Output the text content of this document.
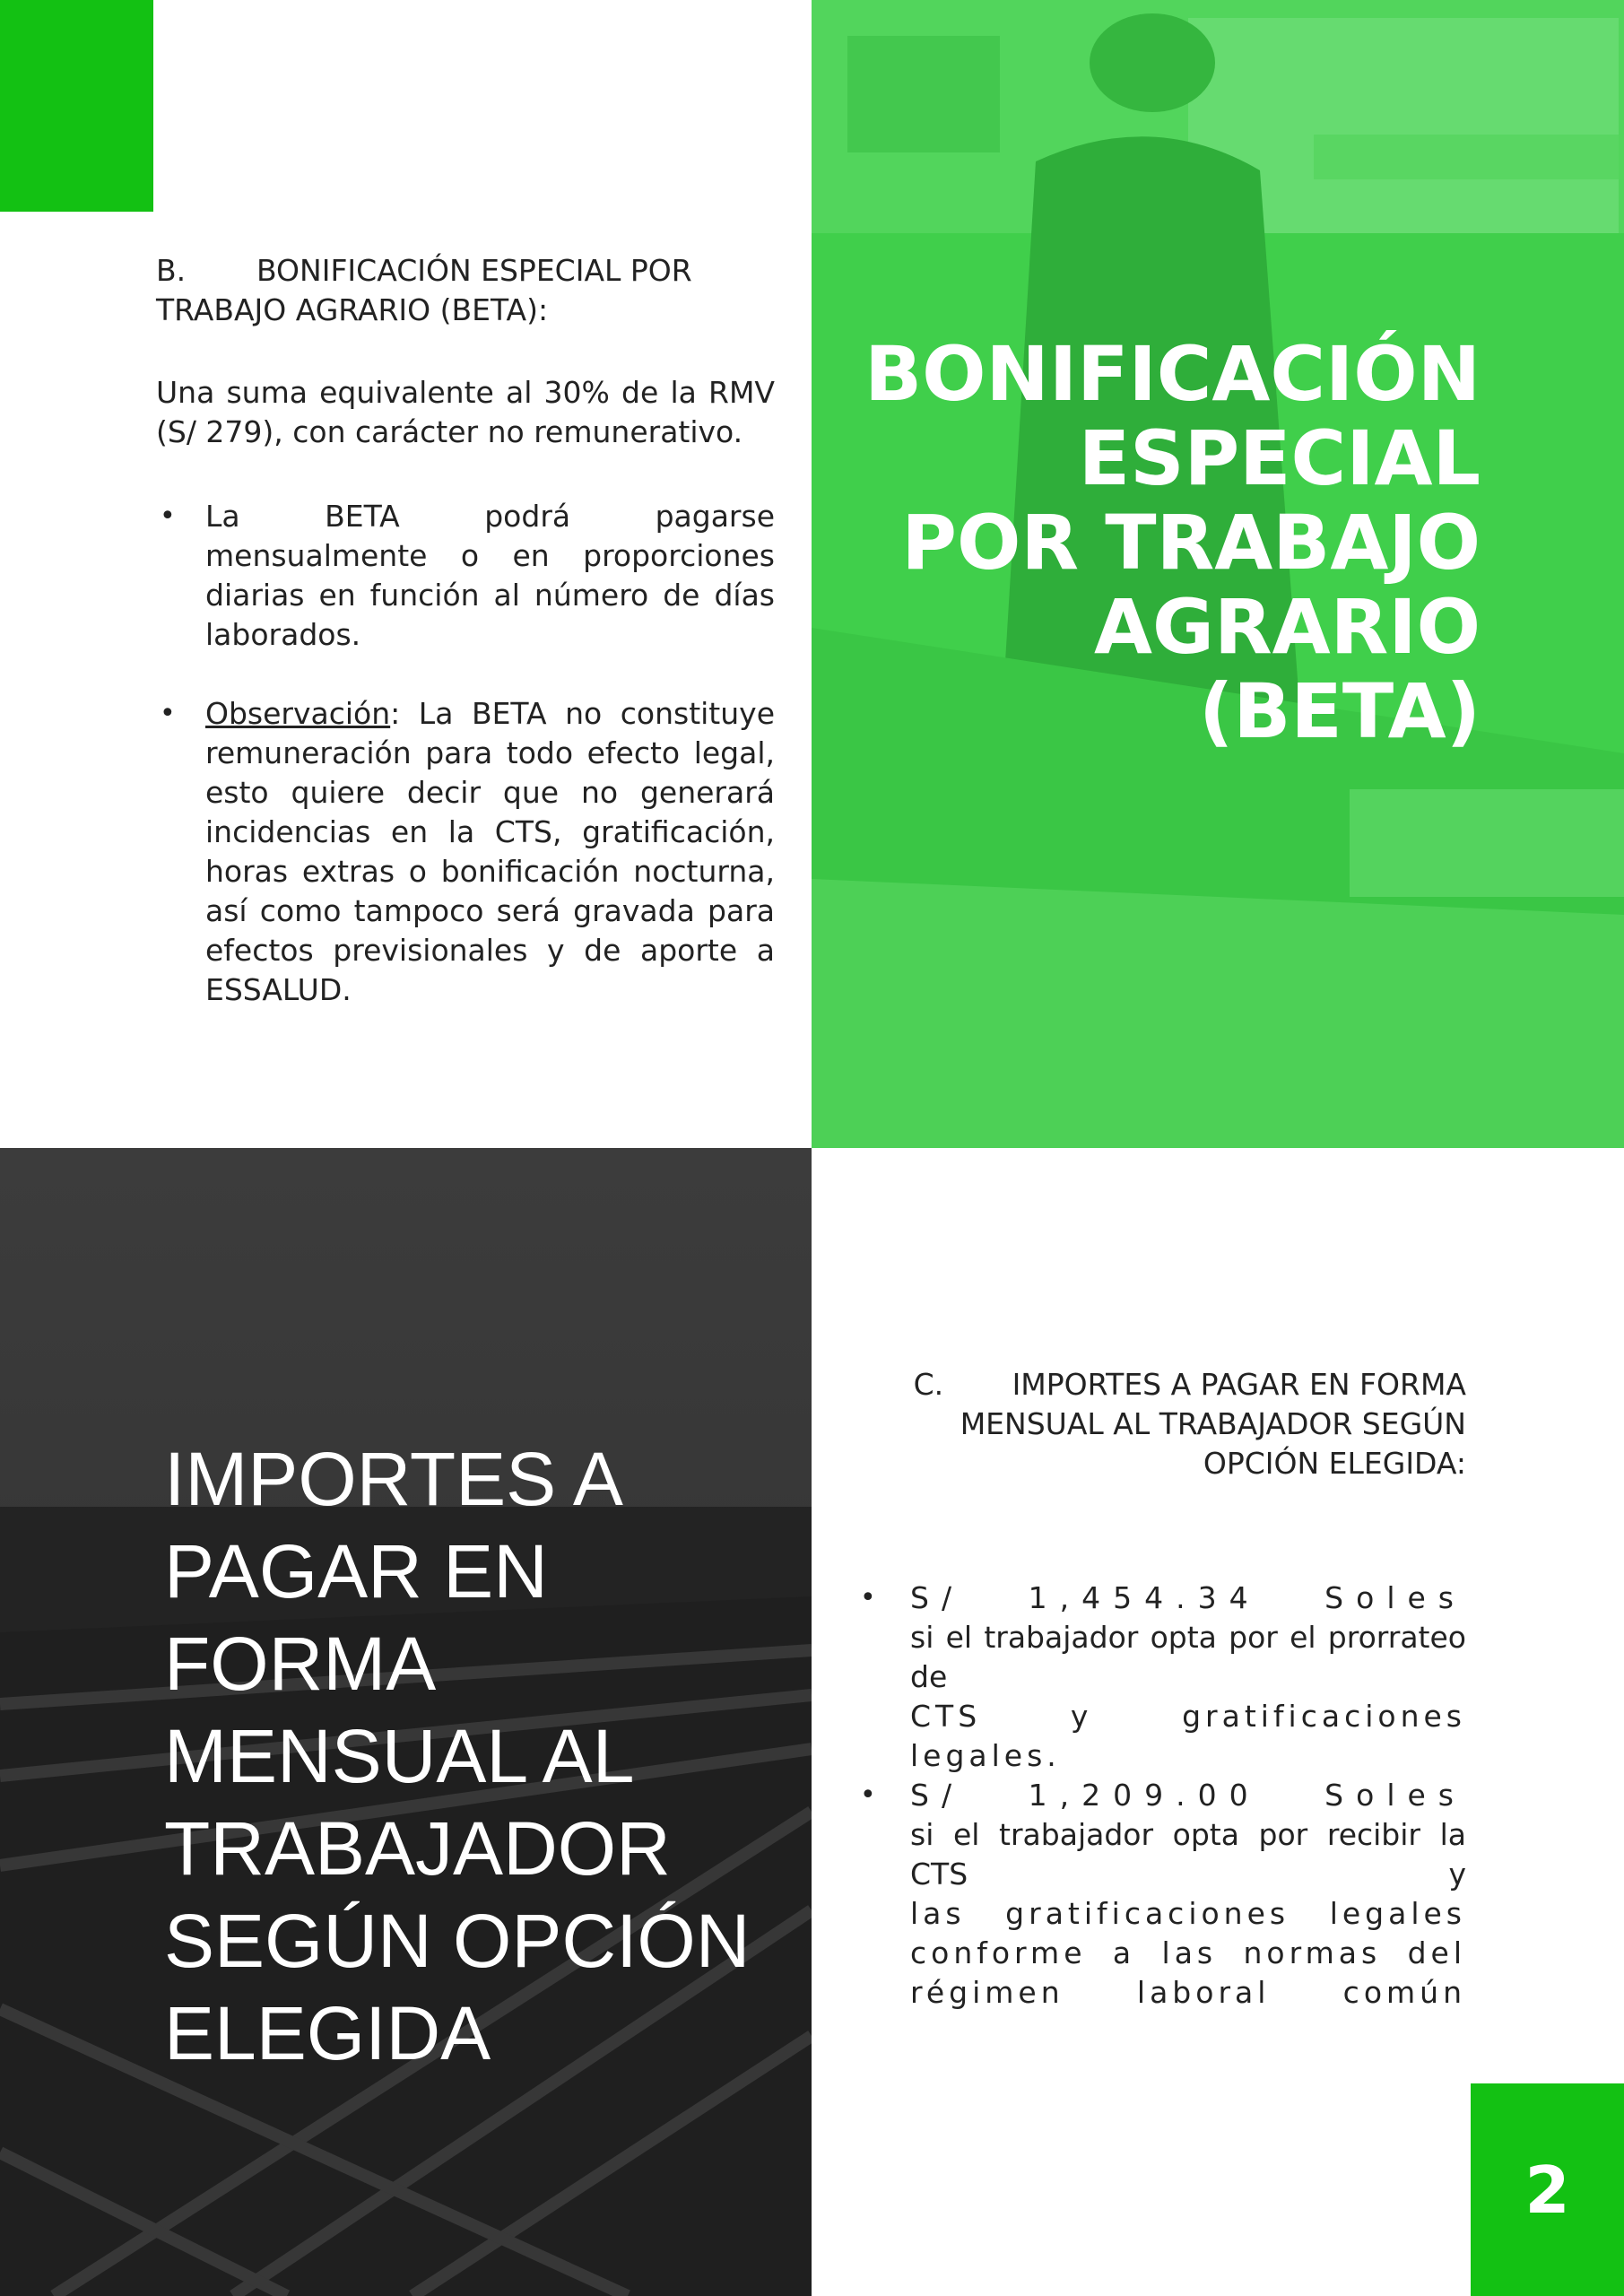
B. BONIFICACIÓN ESPECIAL POR
TRABAJO AGRARIO (BETA):
Una suma equivalente al 30% de la RMV (S/ 279), con carácter no remunerativo.
• La BETA podrá pagarse mensualmente o en proporciones diarias en función al número de días laborados.
• Observación: La BETA no constituye remuneración para todo efecto legal, esto quiere decir que no generará incidencias en la CTS, gratificación, horas extras o bonificación nocturna, así como tampoco será gravada para efectos previsionales y de aporte a ESSALUD.
BONIFICACIÓN
ESPECIAL
POR TRABAJO
AGRARIO
(BETA)
IMPORTES A
PAGAR EN FORMA
MENSUAL AL
TRABAJADOR
SEGÚN OPCIÓN
ELEGIDA
C. IMPORTES A PAGAR EN FORMA
MENSUAL AL TRABAJADOR SEGÚN
OPCIÓN ELEGIDA:
• S/ 1,454.34 Soles
si el trabajador opta por el prorrateo de
CTS y gratificaciones legales.
• S/ 1,209.00 Soles
si el trabajador opta por recibir la CTS y
las gratificaciones legales
conforme a las normas del
régimen laboral común
2
